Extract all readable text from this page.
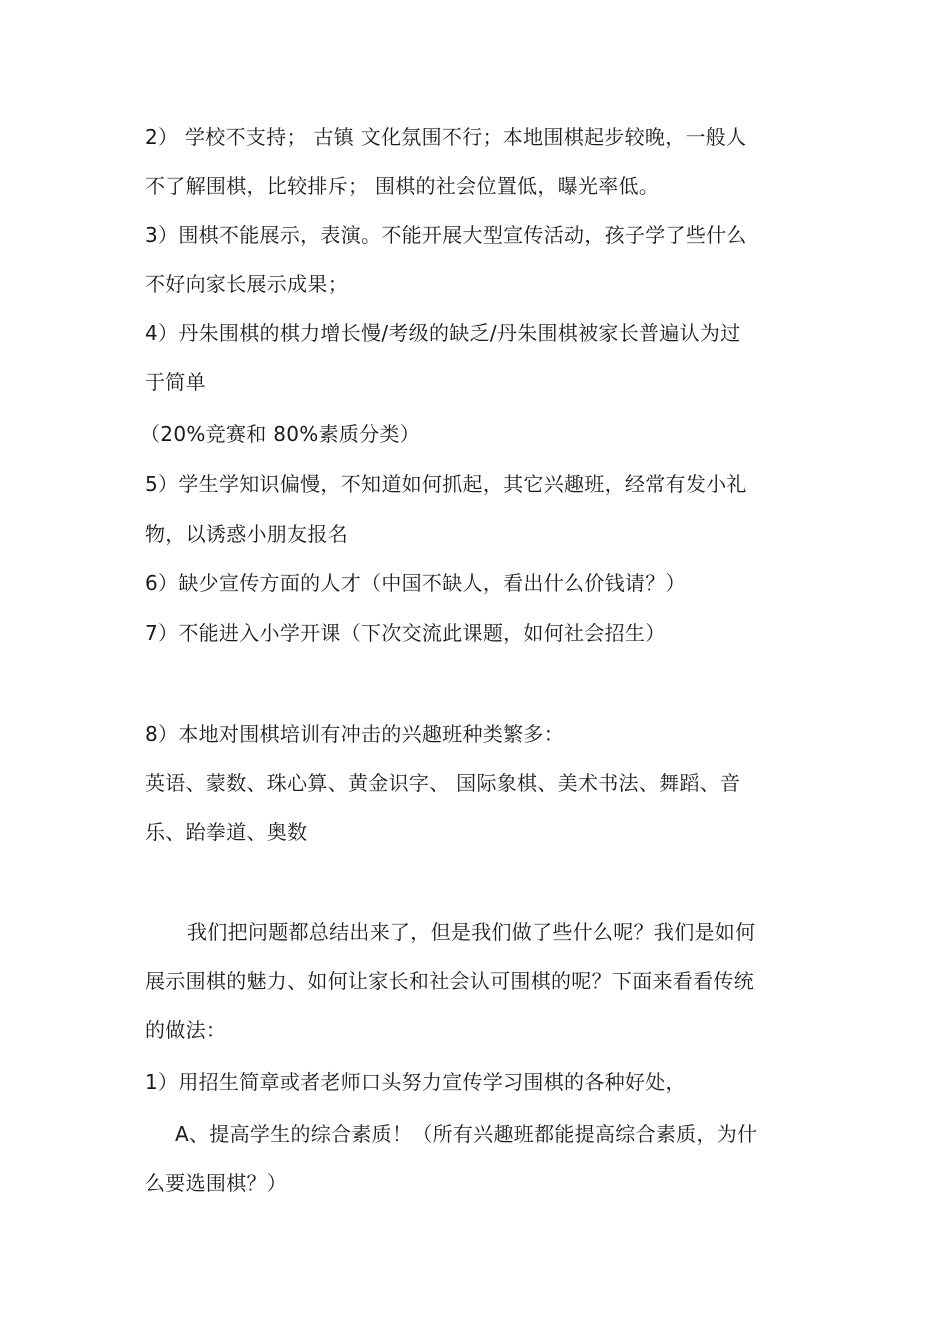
2） 学校不支持； 古镇 文化氛围不行；本地围棋起步较晚，一般人
不了解围棋，比较排斥； 围棋的社会位置低，曝光率低。
3）围棋不能展示，表演。不能开展大型宣传活动，孩子学了些什么
不好向家长展示成果；
4）丹朱围棋的棋力增长慢/考级的缺乏/丹朱围棋被家长普遍认为过
于简单
（20%竞赛和 80%素质分类）
5）学生学知识偏慢，不知道如何抓起，其它兴趣班，经常有发小礼
物，以诱惑小朋友报名
6）缺少宣传方面的人才（中国不缺人，看出什么价钱请？）
7）不能进入小学开课（下次交流此课题，如何社会招生）
8）本地对围棋培训有冲击的兴趣班种类繁多：
英语、蒙数、珠心算、黄金识字、 国际象棋、美术书法、舞蹈、音
乐、跆拳道、奥数
我们把问题都总结出来了，但是我们做了些什么呢？我们是如何
展示围棋的魅力、如何让家长和社会认可围棋的呢？下面来看看传统
的做法：
1）用招生简章或者老师口头努力宣传学习围棋的各种好处，
A、提高学生的综合素质！（所有兴趣班都能提高综合素质，为什
么要选围棋？）
